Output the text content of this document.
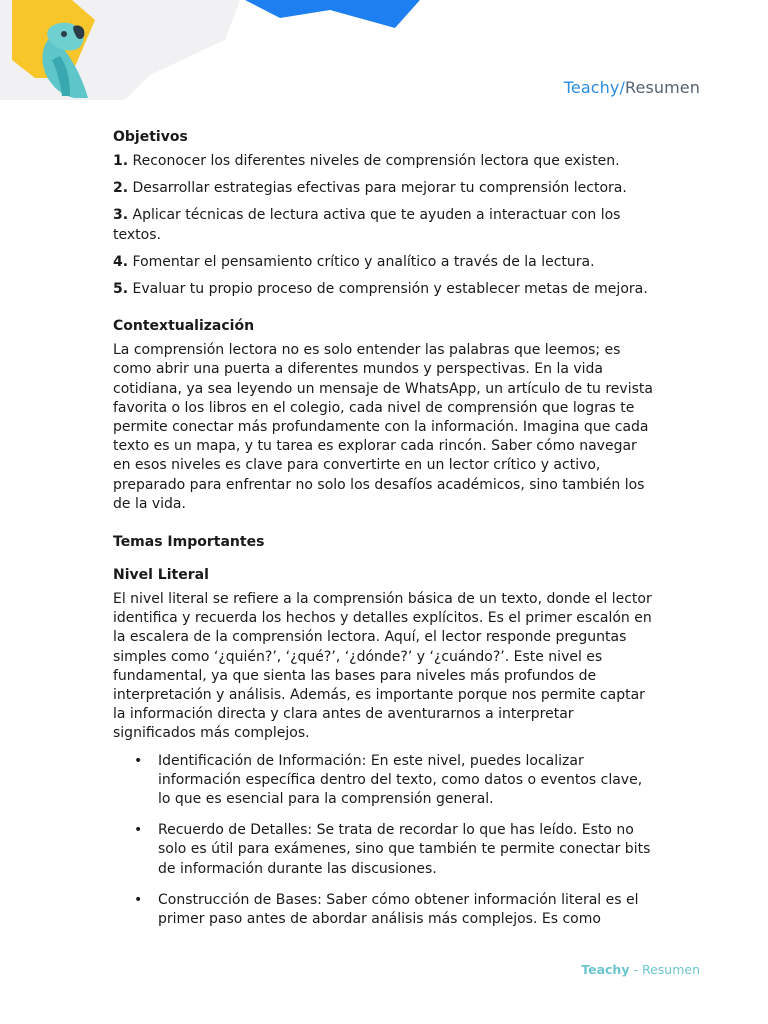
Teachy/Resumen
Objetivos

1. Reconocer los diferentes niveles de comprensión lectora que existen.

2. Desarrollar estrategias efectivas para mejorar tu comprensión lectora.

3. Aplicar técnicas de lectura activa que te ayuden a interactuar con los textos.

4. Fomentar el pensamiento crítico y analítico a través de la lectura.

5. Evaluar tu propio proceso de comprensión y establecer metas de mejora.

Contextualización

La comprensión lectora no es solo entender las palabras que leemos; es como abrir una puerta a diferentes mundos y perspectivas. En la vida cotidiana, ya sea leyendo un mensaje de WhatsApp, un artículo de tu revista favorita o los libros en el colegio, cada nivel de comprensión que logras te permite conectar más profundamente con la información. Imagina que cada texto es un mapa, y tu tarea es explorar cada rincón. Saber cómo navegar en esos niveles es clave para convertirte en un lector crítico y activo, preparado para enfrentar no solo los desafíos académicos, sino también los de la vida.

Temas Importantes
Nivel Literal

El nivel literal se refiere a la comprensión básica de un texto, donde el lector identifica y recuerda los hechos y detalles explícitos. Es el primer escalón en la escalera de la comprensión lectora. Aquí, el lector responde preguntas simples como ‘¿quién?’, ‘¿qué?’, ‘¿dónde?’ y ‘¿cuándo?’. Este nivel es fundamental, ya que sienta las bases para niveles más profundos de interpretación y análisis. Además, es importante porque nos permite captar la información directa y clara antes de aventurarnos a interpretar significados más complejos.

• Identificación de Información: En este nivel, puedes localizar información específica dentro del texto, como datos o eventos clave, lo que es esencial para la comprensión general.
• Recuerdo de Detalles: Se trata de recordar lo que has leído. Esto no solo es útil para exámenes, sino que también te permite conectar bits de información durante las discusiones.
• Construcción de Bases: Saber cómo obtener información literal es el primer paso antes de abordar análisis más complejos. Es como
Teachy - Resumen
